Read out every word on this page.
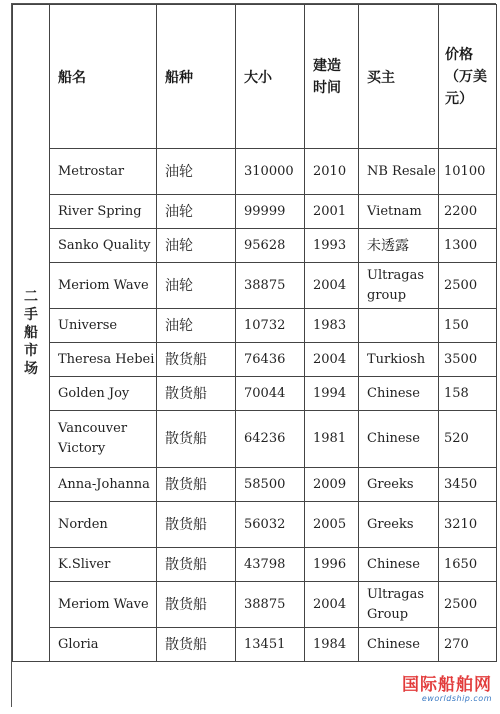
二
手
船
市
场	船名	船种	大小	建造时间	买主	价格（万美元）
	Metrostar	油轮	310000	2010	NB Resale	10100
	River Spring	油轮	99999	2001	Vietnam	2200
	Sanko Quality	油轮	95628	1993	未透露	1300
	Meriom Wave	油轮	38875	2004	Ultragas group	2500
	Universe	油轮	10732	1983		150
	Theresa Hebei	散货船	76436	2004	Turkiosh	3500
	Golden Joy	散货船	70044	1994	Chinese	158
	Vancouver Victory	散货船	64236	1981	Chinese	520
	Anna-Johanna	散货船	58500	2009	Greeks	3450
	Norden	散货船	56032	2005	Greeks	3210
	K.Sliver	散货船	43798	1996	Chinese	1650
	Meriom Wave	散货船	38875	2004	Ultragas Group	2500
	Gloria	散货船	13451	1984	Chinese	270
国际船舶网
eworldship.com
